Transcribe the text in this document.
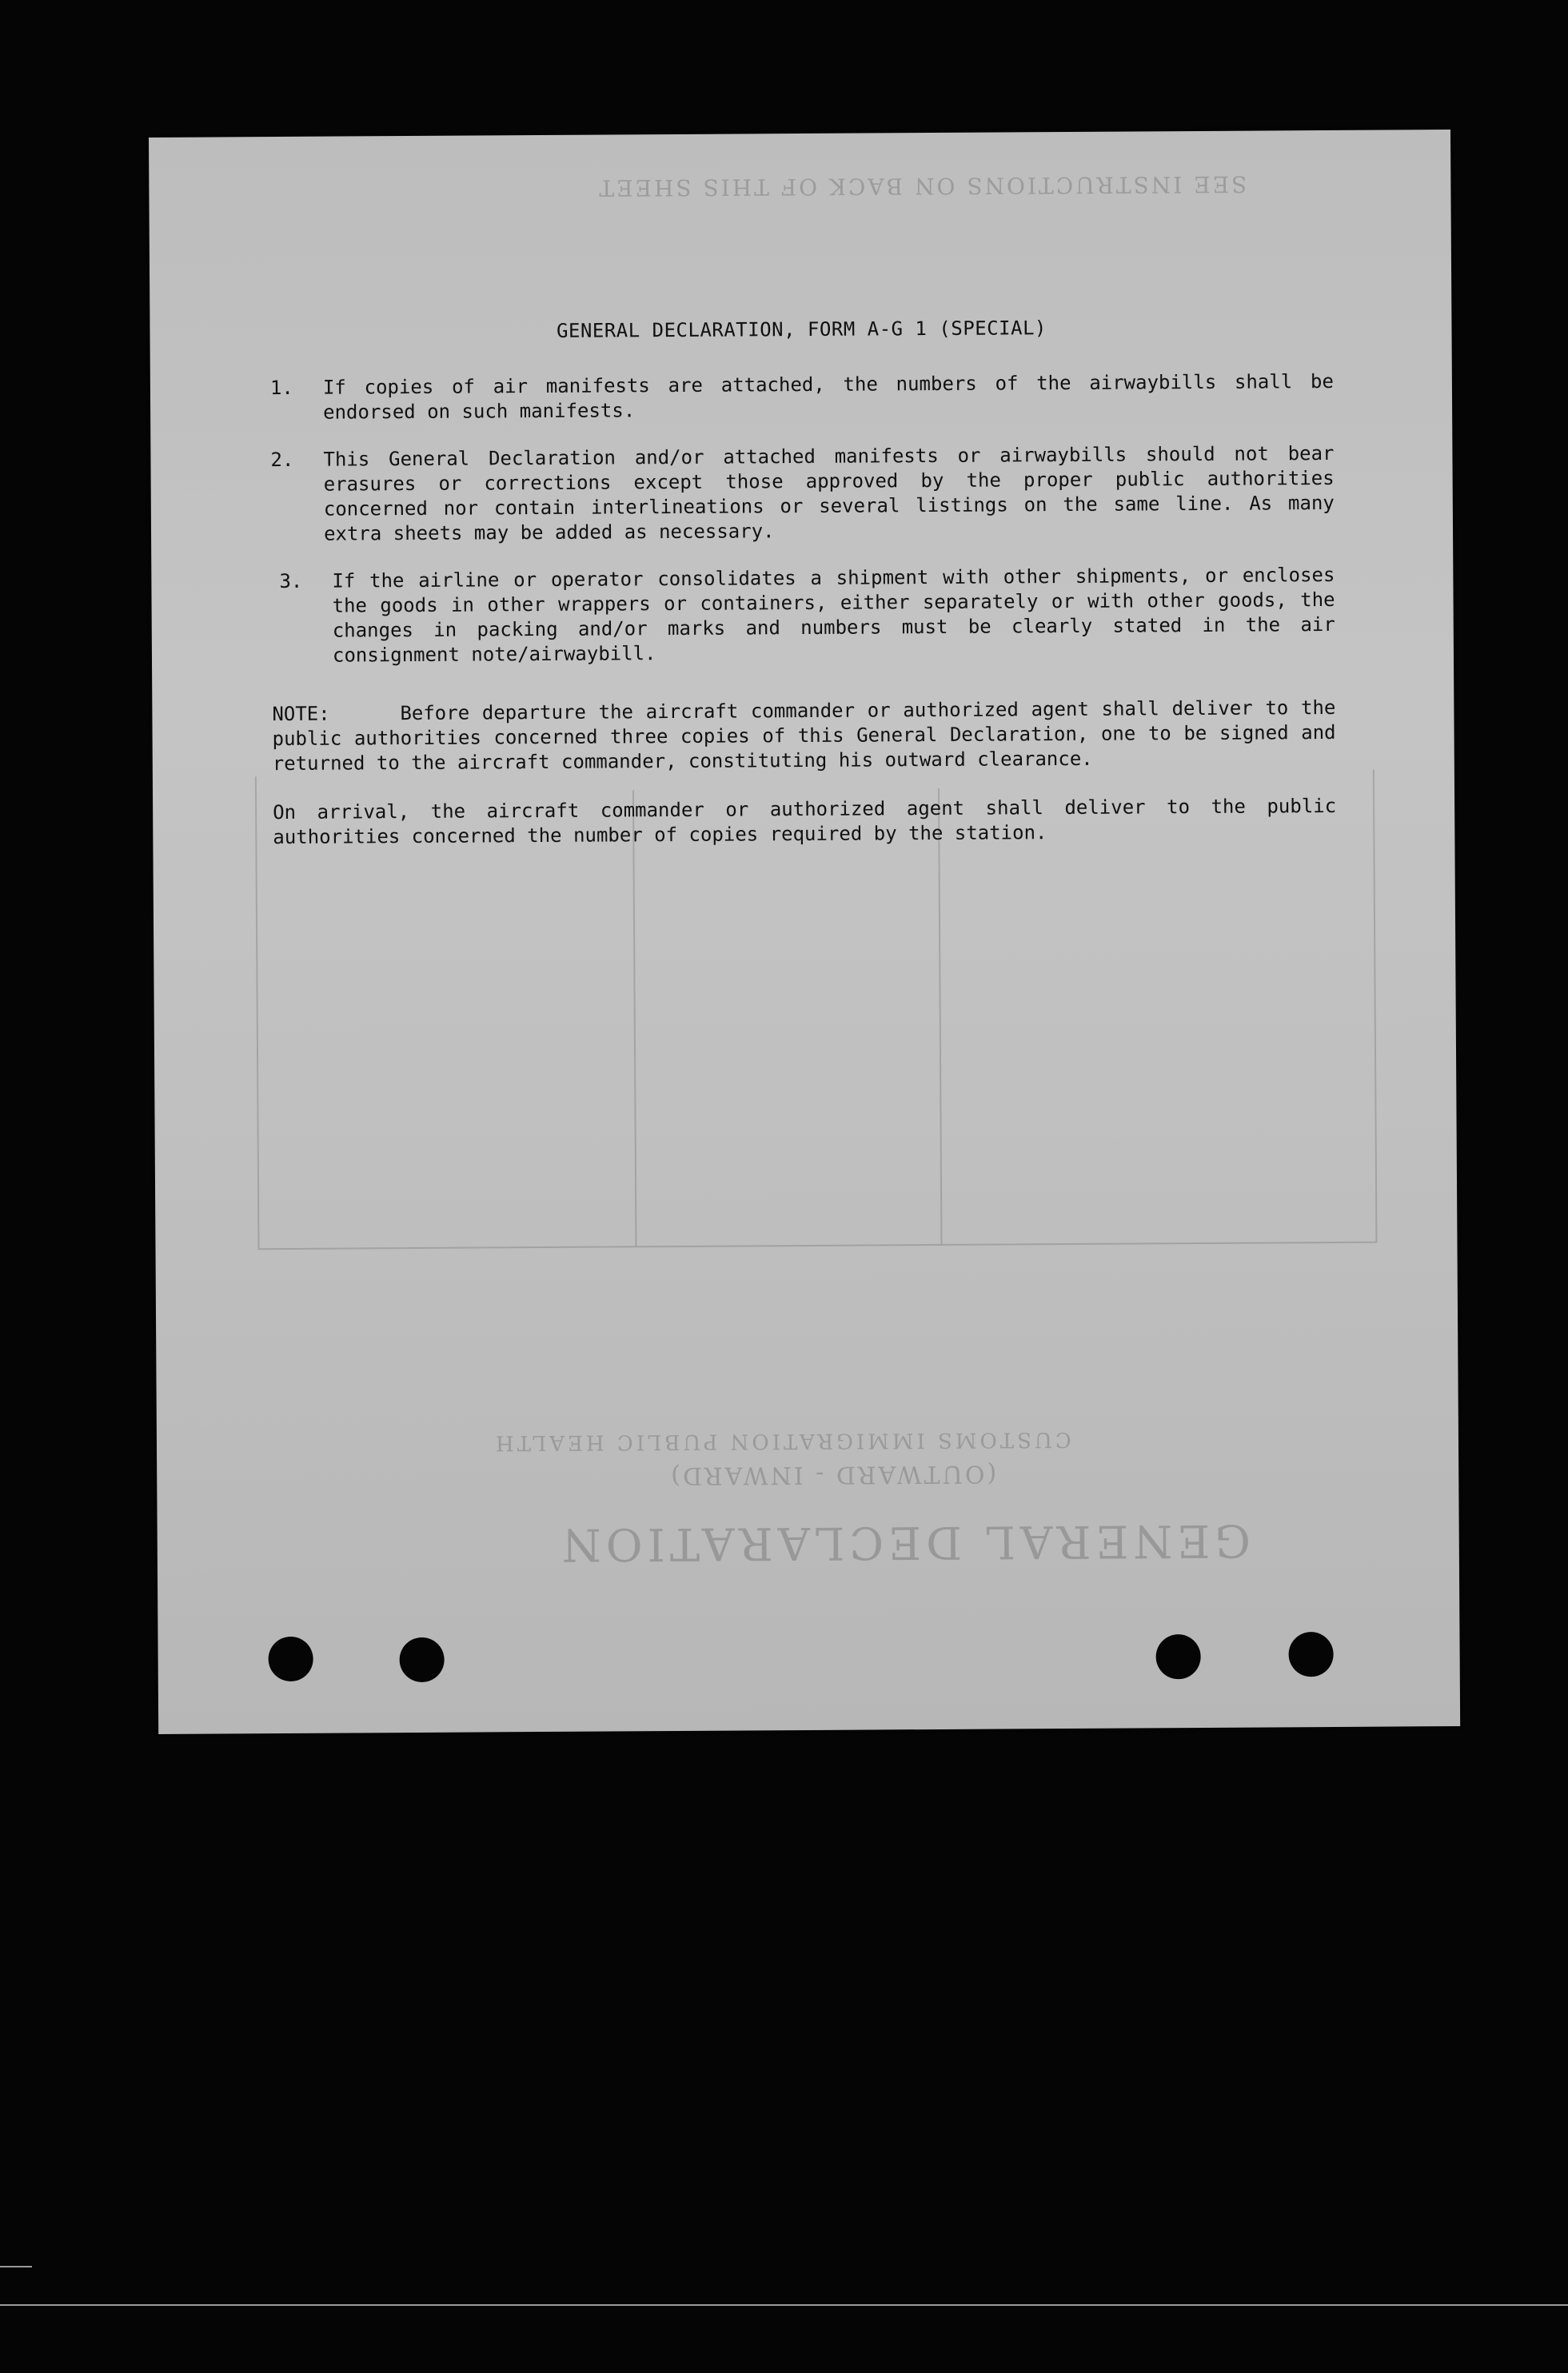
GENERAL DECLARATION
(OUTWARD - INWARD)
CUSTOMS IMMIGRATION PUBLIC HEALTH
SEE INSTRUCTIONS ON BACK OF THIS SHEET
GENERAL DECLARATION, FORM A-G 1 (SPECIAL)
1.	If copies of air manifests are attached, the numbers of the airwaybills shall be endorsed on such manifests.
2.	This General Declaration and/or attached manifests or airwaybills should not bear erasures or corrections except those approved by the proper public authorities concerned nor contain interlineations or several listings on the same line. As many extra sheets may be added as necessary.
3.	If the airline or operator consolidates a shipment with other shipments, or encloses the goods in other wrappers or containers, either separately or with other goods, the changes in packing and/or marks and numbers must be clearly stated in the air consignment note/airwaybill.
NOTE:	Before departure the aircraft commander or authorized agent shall deliver to the public authorities concerned three copies of this General Declaration, one to be signed and returned to the aircraft commander, constituting his outward clearance.
On arrival, the aircraft commander or authorized agent shall deliver to the public authorities concerned the number of copies required by the station.
